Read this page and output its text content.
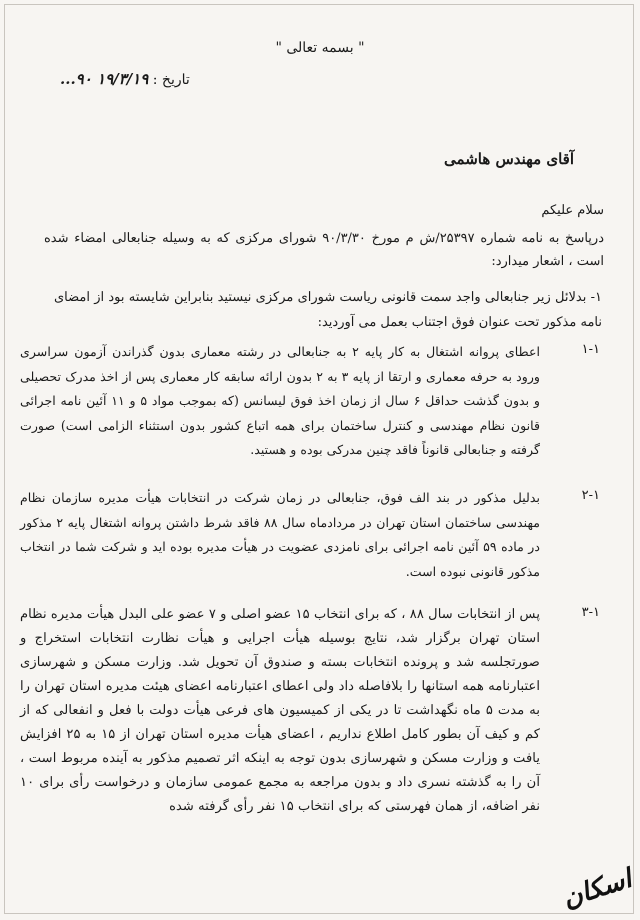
" بسمه تعالی "
تاریخ : ۱۹/۳/۱۹ ۹۰...
آقای مهندس هاشمی
سلام علیکم
درپاسخ به نامه شماره ۲۵۳۹۷/ش م مورخ ۹۰/۳/۳۰ شورای مرکزی که به وسیله جنابعالی امضاء شده است ، اشعار میدارد:
۱- بدلائل زیر جنابعالی واجد سمت قانونی ریاست شورای مرکزی نیستید بنابراین شایسته بود از امضای نامه مذکور تحت عنوان فوق اجتناب بعمل می آوردید:
۱-۱
اعطای پروانه اشتغال به کار پایه ۲ به جنابعالی در رشته معماری بدون گذراندن آزمون سراسری ورود به حرفه معماری و ارتقا از پایه ۳ به ۲ بدون ارائه سابقه کار معماری پس از اخذ مدرک تحصیلی و بدون گذشت حداقل ۶ سال از زمان اخذ فوق لیسانس (که بموجب مواد ۵ و ۱۱ آئین نامه اجرائی قانون نظام مهندسی و کنترل ساختمان برای همه اتباع کشور بدون استثناء الزامی است) صورت گرفته و جنابعالی قانوناً فاقد چنین مدرکی بوده و هستید.
۲-۱
بدلیل مذکور در بند الف فوق، جنابعالی در زمان شرکت در انتخابات هیأت مدیره سازمان نظام مهندسی ساختمان استان تهران در مردادماه سال ۸۸ فاقد شرط داشتن پروانه اشتغال پایه ۲ مذکور در ماده ۵۹ آئین نامه اجرائی برای نامزدی عضویت در هیأت مدیره بوده اید و شرکت شما در انتخاب مذکور قانونی نبوده است.
۳-۱
پس از انتخابات سال ۸۸ ، که برای انتخاب ۱۵ عضو اصلی و ۷ عضو علی البدل هیأت مدیره نظام استان تهران برگزار شد، نتایج بوسیله هیأت اجرایی و هیأت نظارت انتخابات استخراج و صورتجلسه شد و پرونده انتخابات بسته و صندوق آن تحویل شد. وزارت مسکن و شهرسازی اعتبارنامه همه استانها را بلافاصله داد ولی اعطای اعتبارنامه اعضای هیئت مدیره استان تهران را به مدت ۵ ماه نگهداشت تا در یکی از کمیسیون های فرعی هیأت دولت با فعل و انفعالی که از کم و کیف آن بطور کامل اطلاع نداریم ، اعضای هیأت مدیره استان تهران از ۱۵ به ۲۵ افزایش یافت و وزارت مسکن و شهرسازی بدون توجه به اینکه اثر تصمیم مذکور به آینده مربوط است ، آن را به گذشته نسری داد و بدون مراجعه به مجمع عمومی سازمان و درخواست رأی برای ۱۰ نفر اضافه، از همان فهرستی که برای انتخاب ۱۵ نفر رأی گرفته شده
اسکان
